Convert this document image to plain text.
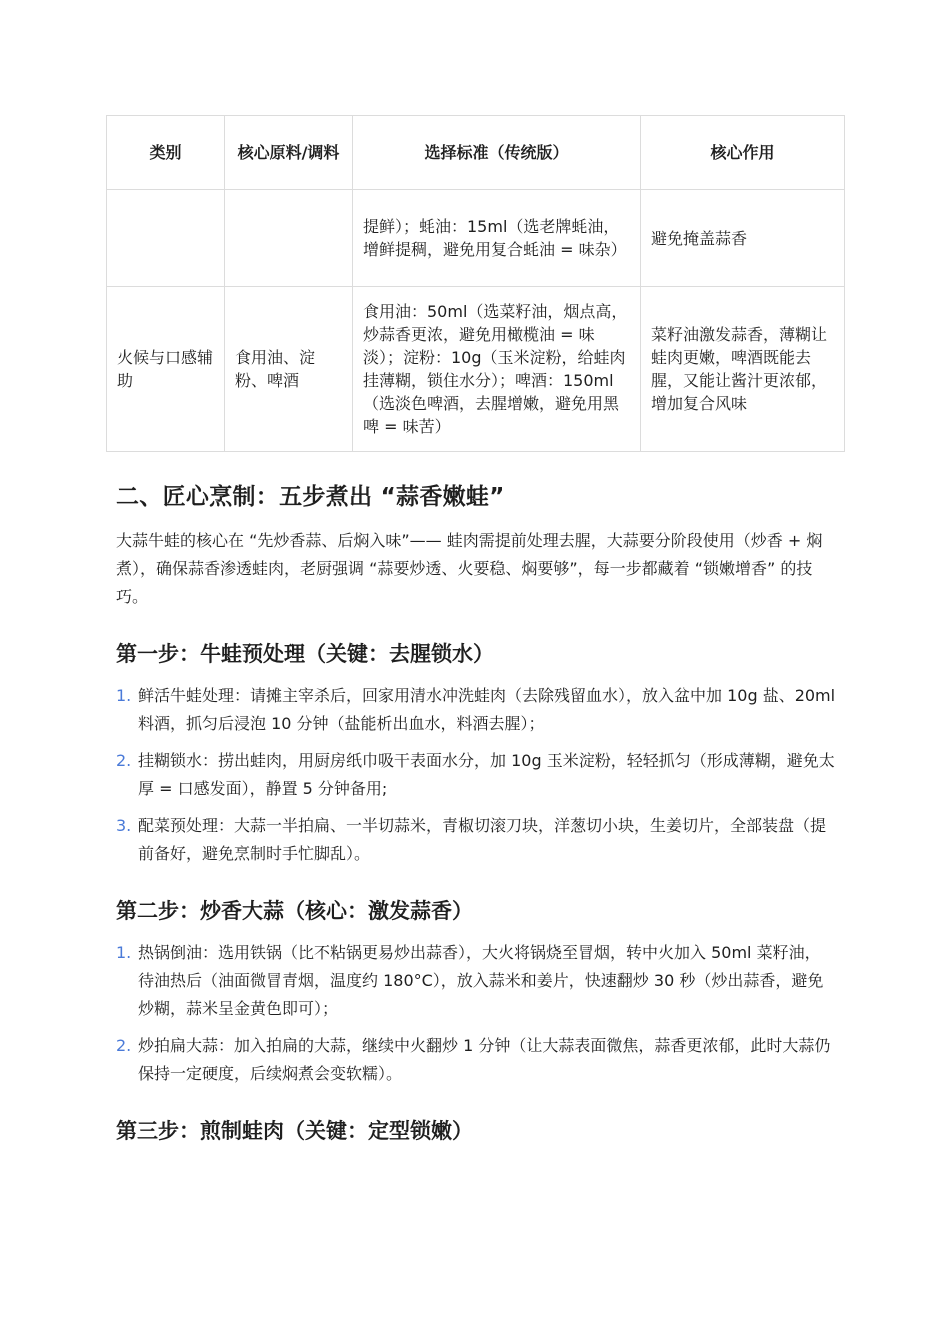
类别	核心原料/调料	选择标准（传统版）	核心作用
		提鲜）；蚝油：15ml（选老牌蚝油，增鲜提稠，避免用复合蚝油 = 味杂）	避免掩盖蒜香
火候与口感辅助	食用油、淀粉、啤酒	食用油：50ml（选菜籽油，烟点高，炒蒜香更浓，避免用橄榄油 = 味淡）；淀粉：10g（玉米淀粉，给蛙肉挂薄糊，锁住水分）；啤酒：150ml（选淡色啤酒，去腥增嫩，避免用黑啤 = 味苦）	菜籽油激发蒜香，薄糊让蛙肉更嫩，啤酒既能去腥，又能让酱汁更浓郁，增加复合风味
二、匠心烹制：五步煮出 “蒜香嫩蛙”

大蒜牛蛙的核心在 “先炒香蒜、后焖入味”—— 蛙肉需提前处理去腥，大蒜要分阶段使用（炒香 + 焖煮），确保蒜香渗透蛙肉，老厨强调 “蒜要炒透、火要稳、焖要够”，每一步都藏着 “锁嫩增香” 的技巧。

第一步：牛蛙预处理（关键：去腥锁水）
1. 鲜活牛蛙处理：请摊主宰杀后，回家用清水冲洗蛙肉（去除残留血水），放入盆中加 10g 盐、20ml 料酒，抓匀后浸泡 10 分钟（盐能析出血水，料酒去腥）；
2. 挂糊锁水：捞出蛙肉，用厨房纸巾吸干表面水分，加 10g 玉米淀粉，轻轻抓匀（形成薄糊，避免太厚 = 口感发面），静置 5 分钟备用;
3. 配菜预处理：大蒜一半拍扁、一半切蒜米，青椒切滚刀块，洋葱切小块，生姜切片，全部装盘（提前备好，避免烹制时手忙脚乱）。
第二步：炒香大蒜（核心：激发蒜香）
1. 热锅倒油：选用铁锅（比不粘锅更易炒出蒜香），大火将锅烧至冒烟，转中火加入 50ml 菜籽油，待油热后（油面微冒青烟，温度约 180°C），放入蒜米和姜片，快速翻炒 30 秒（炒出蒜香，避免炒糊，蒜米呈金黄色即可）；
2. 炒拍扁大蒜：加入拍扁的大蒜，继续中火翻炒 1 分钟（让大蒜表面微焦，蒜香更浓郁，此时大蒜仍保持一定硬度，后续焖煮会变软糯）。
第三步：煎制蛙肉（关键：定型锁嫩）
